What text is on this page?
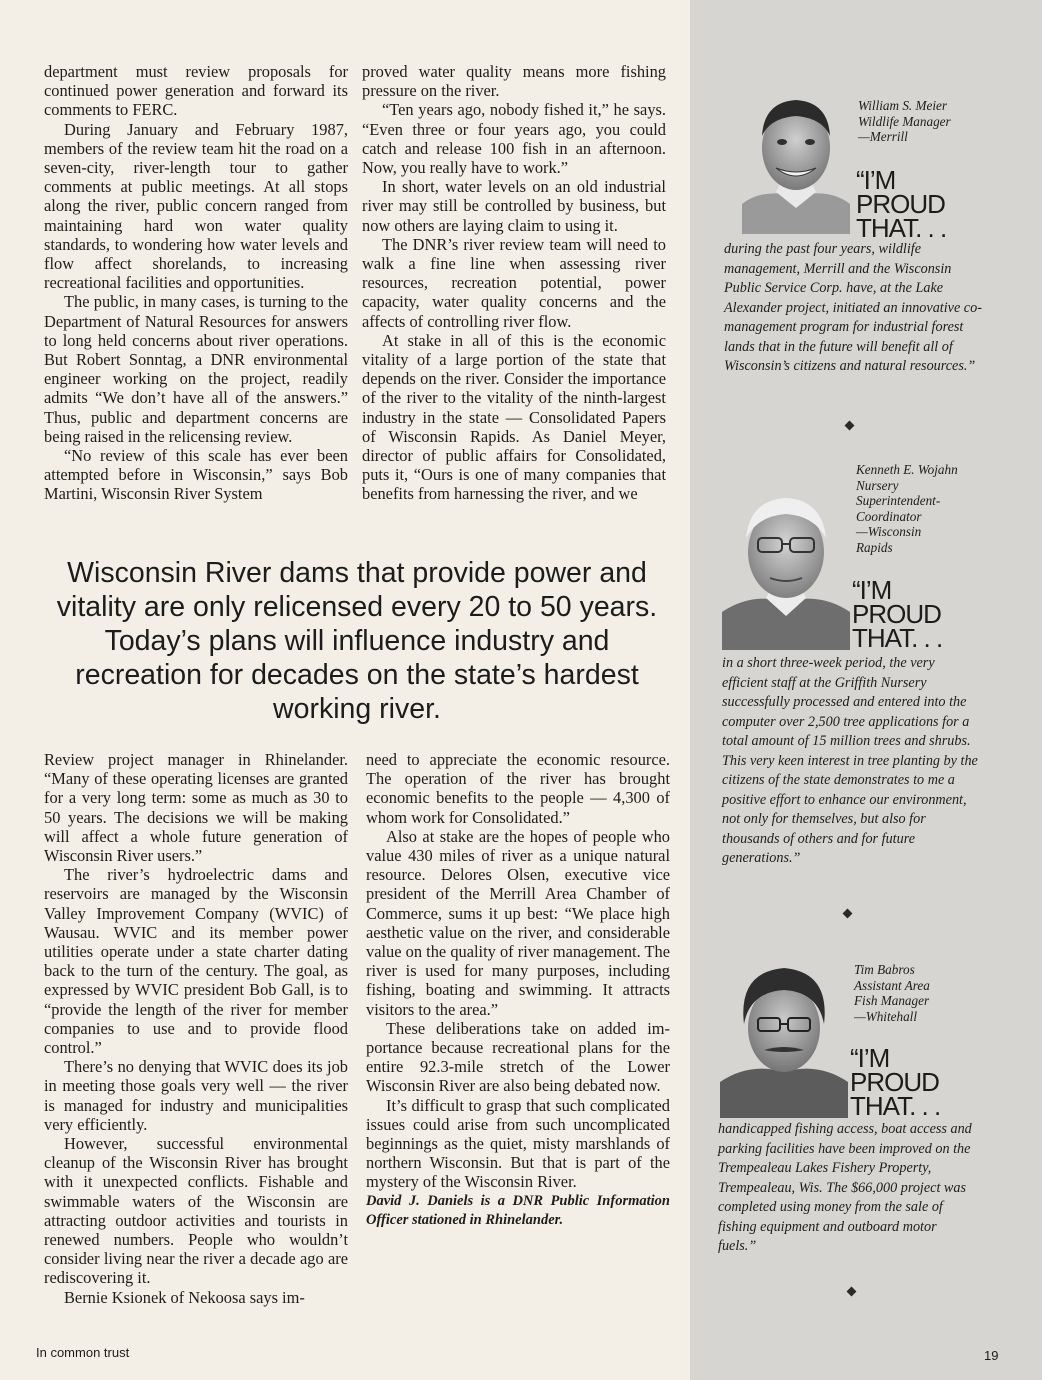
department must review proposals for continued power generation and forward its comments to FERC.

During January and February 1987, members of the review team hit the road on a seven-city, river-length tour to gather comments at public meetings. At all stops along the river, public concern ranged from maintaining hard won water quality standards, to wondering how water levels and flow affect shorelands, to increasing recreational facilities and opportunities.

The public, in many cases, is turning to the Department of Natural Resources for answers to long held concerns about river operations. But Robert Sonntag, a DNR environmental engineer working on the project, readily admits “We don’t have all of the answers.” Thus, public and department concerns are being raised in the relicensing review.

“No review of this scale has ever been attempted before in Wisconsin,” says Bob Martini, Wisconsin River System

proved water quality means more fishing pressure on the river.

“Ten years ago, nobody fished it,” he says. “Even three or four years ago, you could catch and release 100 fish in an afternoon. Now, you really have to work.”

In short, water levels on an old industrial river may still be controlled by business, but now others are laying claim to using it.

The DNR’s river review team will need to walk a fine line when assessing river resources, recreation potential, power capacity, water quality concerns and the affects of controlling river flow.

At stake in all of this is the economic vitality of a large portion of the state that depends on the river. Consider the importance of the river to the vitality of the ninth-largest industry in the state — Consolidated Papers of Wisconsin Rapids. As Daniel Meyer, director of public affairs for Consolidated, puts it, “Ours is one of many companies that benefits from harnessing the river, and we

Wisconsin River dams that provide power and vitality are only relicensed every 20 to 50 years. Today’s plans will influence industry and recreation for decades on the state’s hardest working river.

Review project manager in Rhinelander. “Many of these operating licenses are granted for a very long term: some as much as 30 to 50 years. The decisions we will be making will affect a whole future generation of Wisconsin River users.”

The river’s hydroelectric dams and reservoirs are managed by the Wisconsin Valley Improvement Company (WVIC) of Wausau. WVIC and its member power utilities operate under a state charter dating back to the turn of the century. The goal, as expressed by WVIC president Bob Gall, is to “provide the length of the river for member companies to use and to provide flood control.”

There’s no denying that WVIC does its job in meeting those goals very well — the river is managed for industry and municipalities very efficiently.

However, successful environmental cleanup of the Wisconsin River has brought with it unexpected conflicts. Fishable and swimmable waters of the Wisconsin are attracting outdoor activities and tourists in renewed numbers. People who wouldn’t consider living near the river a decade ago are rediscovering it.

Bernie Ksionek of Nekoosa says im-

need to appreciate the economic resource. The operation of the river has brought economic benefits to the people — 4,300 of whom work for Consolidated.”

Also at stake are the hopes of people who value 430 miles of river as a unique natural resource. Delores Olsen, executive vice president of the Merrill Area Chamber of Commerce, sums it up best: “We place high aesthetic value on the river, and considerable value on the quality of river management. The river is used for many purposes, including fishing, boating and swimming. It attracts visitors to the area.”

These deliberations take on added importance because recreational plans for the entire 92.3-mile stretch of the Lower Wisconsin River are also being debated now.

It’s difficult to grasp that such complicated issues could arise from such uncomplicated beginnings as the quiet, misty marshlands of northern Wisconsin. But that is part of the mystery of the Wisconsin River.

David J. Daniels is a DNR Public Information Officer stationed in Rhinelander.

William S. Meier
Wildlife Manager
—Merrill
“I’M
PROUD
THAT. . .
during the past four years, wildlife management, Merrill and the Wisconsin Public Service Corp. have, at the Lake Alexander project, initiated an innovative co-management program for industrial forest lands that in the future will benefit all of Wisconsin’s citizens and natural resources.”
Kenneth E. Wojahn
Nursery
Superintendent-
Coordinator
—Wisconsin
Rapids
“I’M
PROUD
THAT. . .
in a short three-week period, the very efficient staff at the Griffith Nursery successfully processed and entered into the computer over 2,500 tree applications for a total amount of 15 million trees and shrubs. This very keen interest in tree planting by the citizens of the state demonstrates to me a positive effort to enhance our environment, not only for themselves, but also for thousands of others and for future generations.”
Tim Babros
Assistant Area
Fish Manager
—Whitehall
“I’M
PROUD
THAT. . .
handicapped fishing access, boat access and parking facilities have been improved on the Trempealeau Lakes Fishery Property, Trempealeau, Wis. The $66,000 project was completed using money from the sale of fishing equipment and outboard motor fuels.”
In common trust	19
